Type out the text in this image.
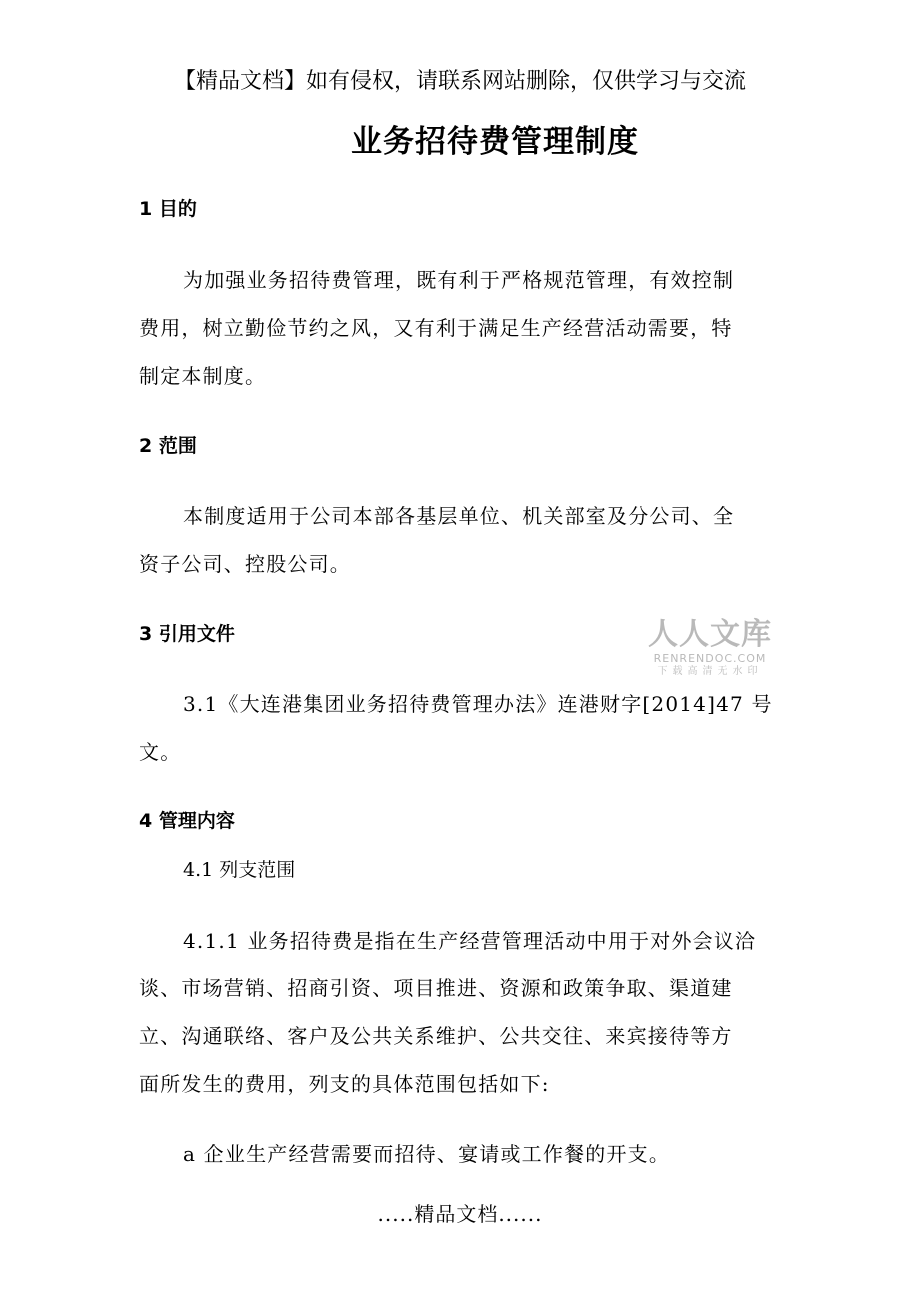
【精品文档】如有侵权，请联系网站删除，仅供学习与交流
业务招待费管理制度
1 目的
为加强业务招待费管理，既有利于严格规范管理，有效控制
费用，树立勤俭节约之风，又有利于满足生产经营活动需要，特
制定本制度。
2 范围
本制度适用于公司本部各基层单位、机关部室及分公司、全
资子公司、控股公司。
3 引用文件
3.1《大连港集团业务招待费管理办法》连港财字[2014]47 号
文。
4 管理内容
4.1 列支范围
4.1.1 业务招待费是指在生产经营管理活动中用于对外会议洽
谈、市场营销、招商引资、项目推进、资源和政策争取、渠道建
立、沟通联络、客户及公共关系维护、公共交往、来宾接待等方
面所发生的费用，列支的具体范围包括如下:
a 企业生产经营需要而招待、宴请或工作餐的开支。
人人文库
RENRENDOC.COM
下载高清无水印
.....精品文档......
